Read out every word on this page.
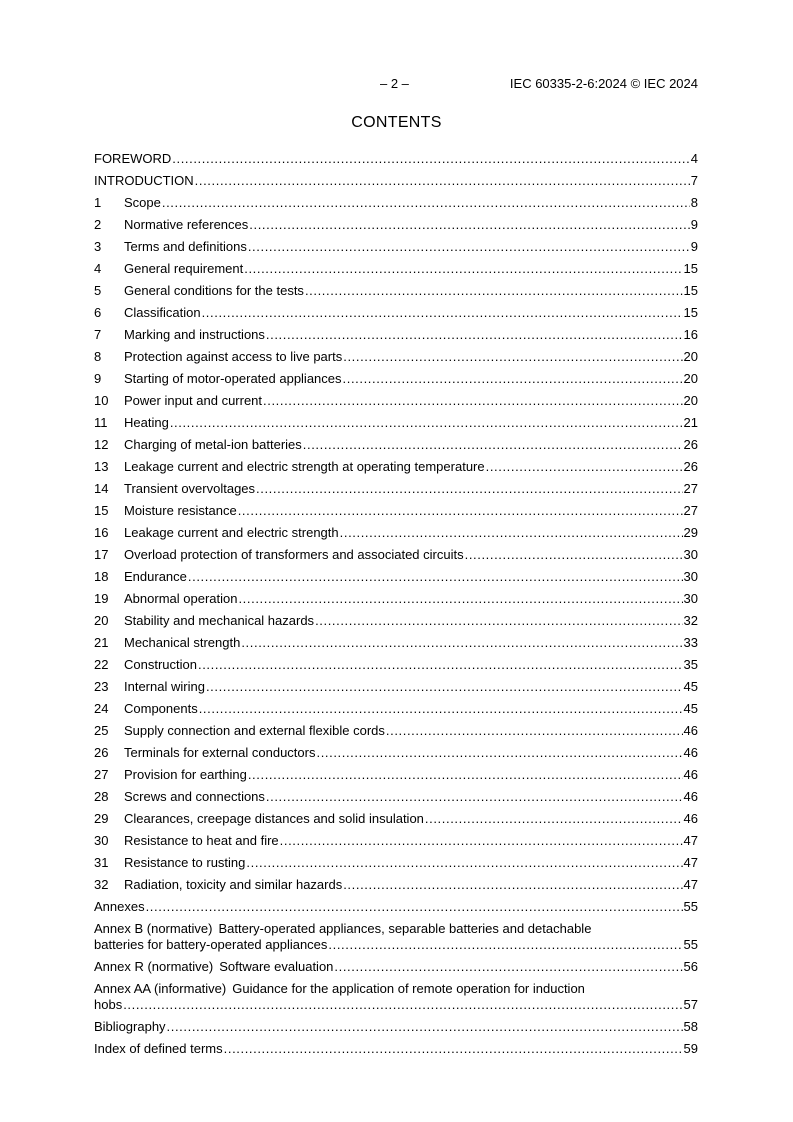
– 2 –	IEC 60335-2-6:2024 © IEC 2024
CONTENTS
FOREWORD .....	4
INTRODUCTION .....	7
1	Scope .....	8
2	Normative references .....	9
3	Terms and definitions .....	9
4	General requirement .....	15
5	General conditions for the tests .....	15
6	Classification .....	15
7	Marking and instructions .....	16
8	Protection against access to live parts .....	20
9	Starting of motor-operated appliances .....	20
10	Power input and current .....	20
11	Heating .....	21
12	Charging of metal-ion batteries .....	26
13	Leakage current and electric strength at operating temperature .....	26
14	Transient overvoltages .....	27
15	Moisture resistance .....	27
16	Leakage current and electric strength .....	29
17	Overload protection of transformers and associated circuits .....	30
18	Endurance .....	30
19	Abnormal operation .....	30
20	Stability and mechanical hazards .....	32
21	Mechanical strength .....	33
22	Construction .....	35
23	Internal wiring .....	45
24	Components .....	45
25	Supply connection and external flexible cords .....	46
26	Terminals for external conductors .....	46
27	Provision for earthing .....	46
28	Screws and connections .....	46
29	Clearances, creepage distances and solid insulation .....	46
30	Resistance to heat and fire .....	47
31	Resistance to rusting .....	47
32	Radiation, toxicity and similar hazards .....	47
Annexes .....	55
Annex B (normative) Battery-operated appliances, separable batteries and detachable
batteries for battery-operated appliances .....	55
Annex R (normative) Software evaluation .....	56
Annex AA (informative) Guidance for the application of remote operation for induction
hobs .....	57
Bibliography .....	58
Index of defined terms .....	59
